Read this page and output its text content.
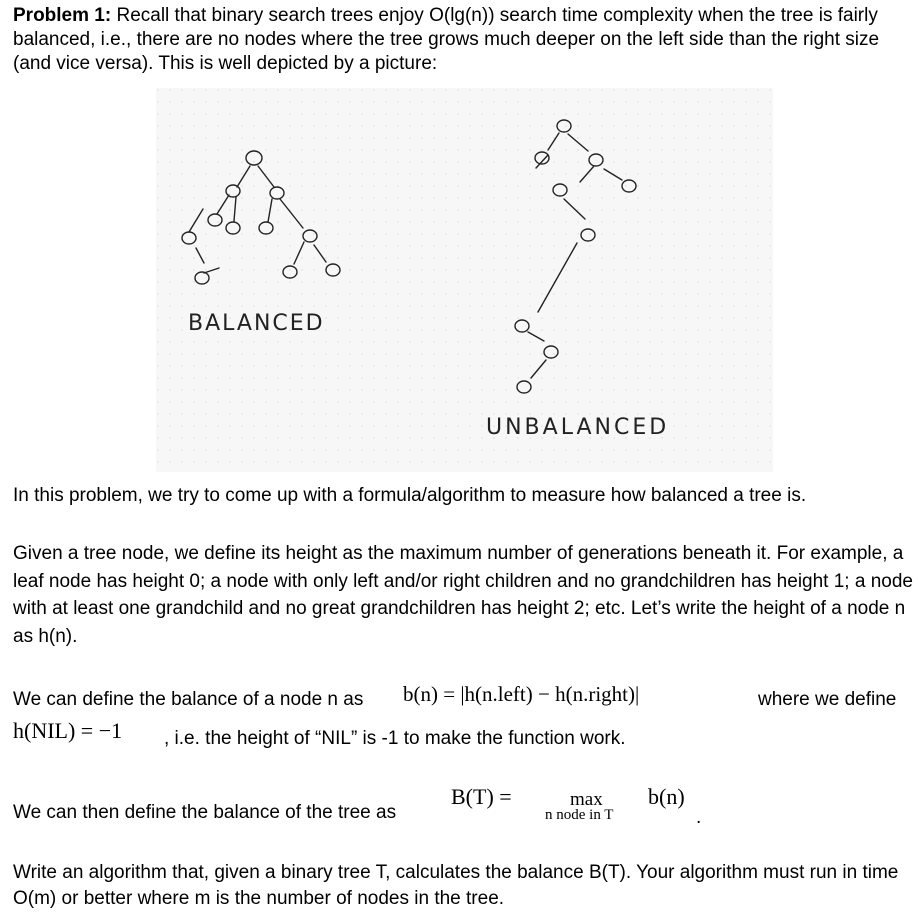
Problem 1: Recall that binary search trees enjoy O(lg(n)) search time complexity when the tree is fairly balanced, i.e., there are no nodes where the tree grows much deeper on the left side than the right size (and vice versa). This is well depicted by a picture:

BALANCED
UNBALANCED

In this problem, we try to come up with a formula/algorithm to measure how balanced a tree is.

Given a tree node, we define its height as the maximum number of generations beneath it. For example, a leaf node has height 0; a node with only left and/or right children and no grandchildren has height 1; a node with at least one grandchild and no great grandchildren has height 2; etc. Let’s write the height of a node n as h(n).

We can define the balance of a node n as b(n) = |h(n.left) − h(n.right)|	where we define
h(NIL) = −1 , i.e. the height of “NIL” is -1 to make the function work.
We can then define the balance of the tree as
B(T) =	max
n node in T
b(n)
.

Write an algorithm that, given a binary tree T, calculates the balance B(T). Your algorithm must run in time O(m) or better where m is the number of nodes in the tree.
